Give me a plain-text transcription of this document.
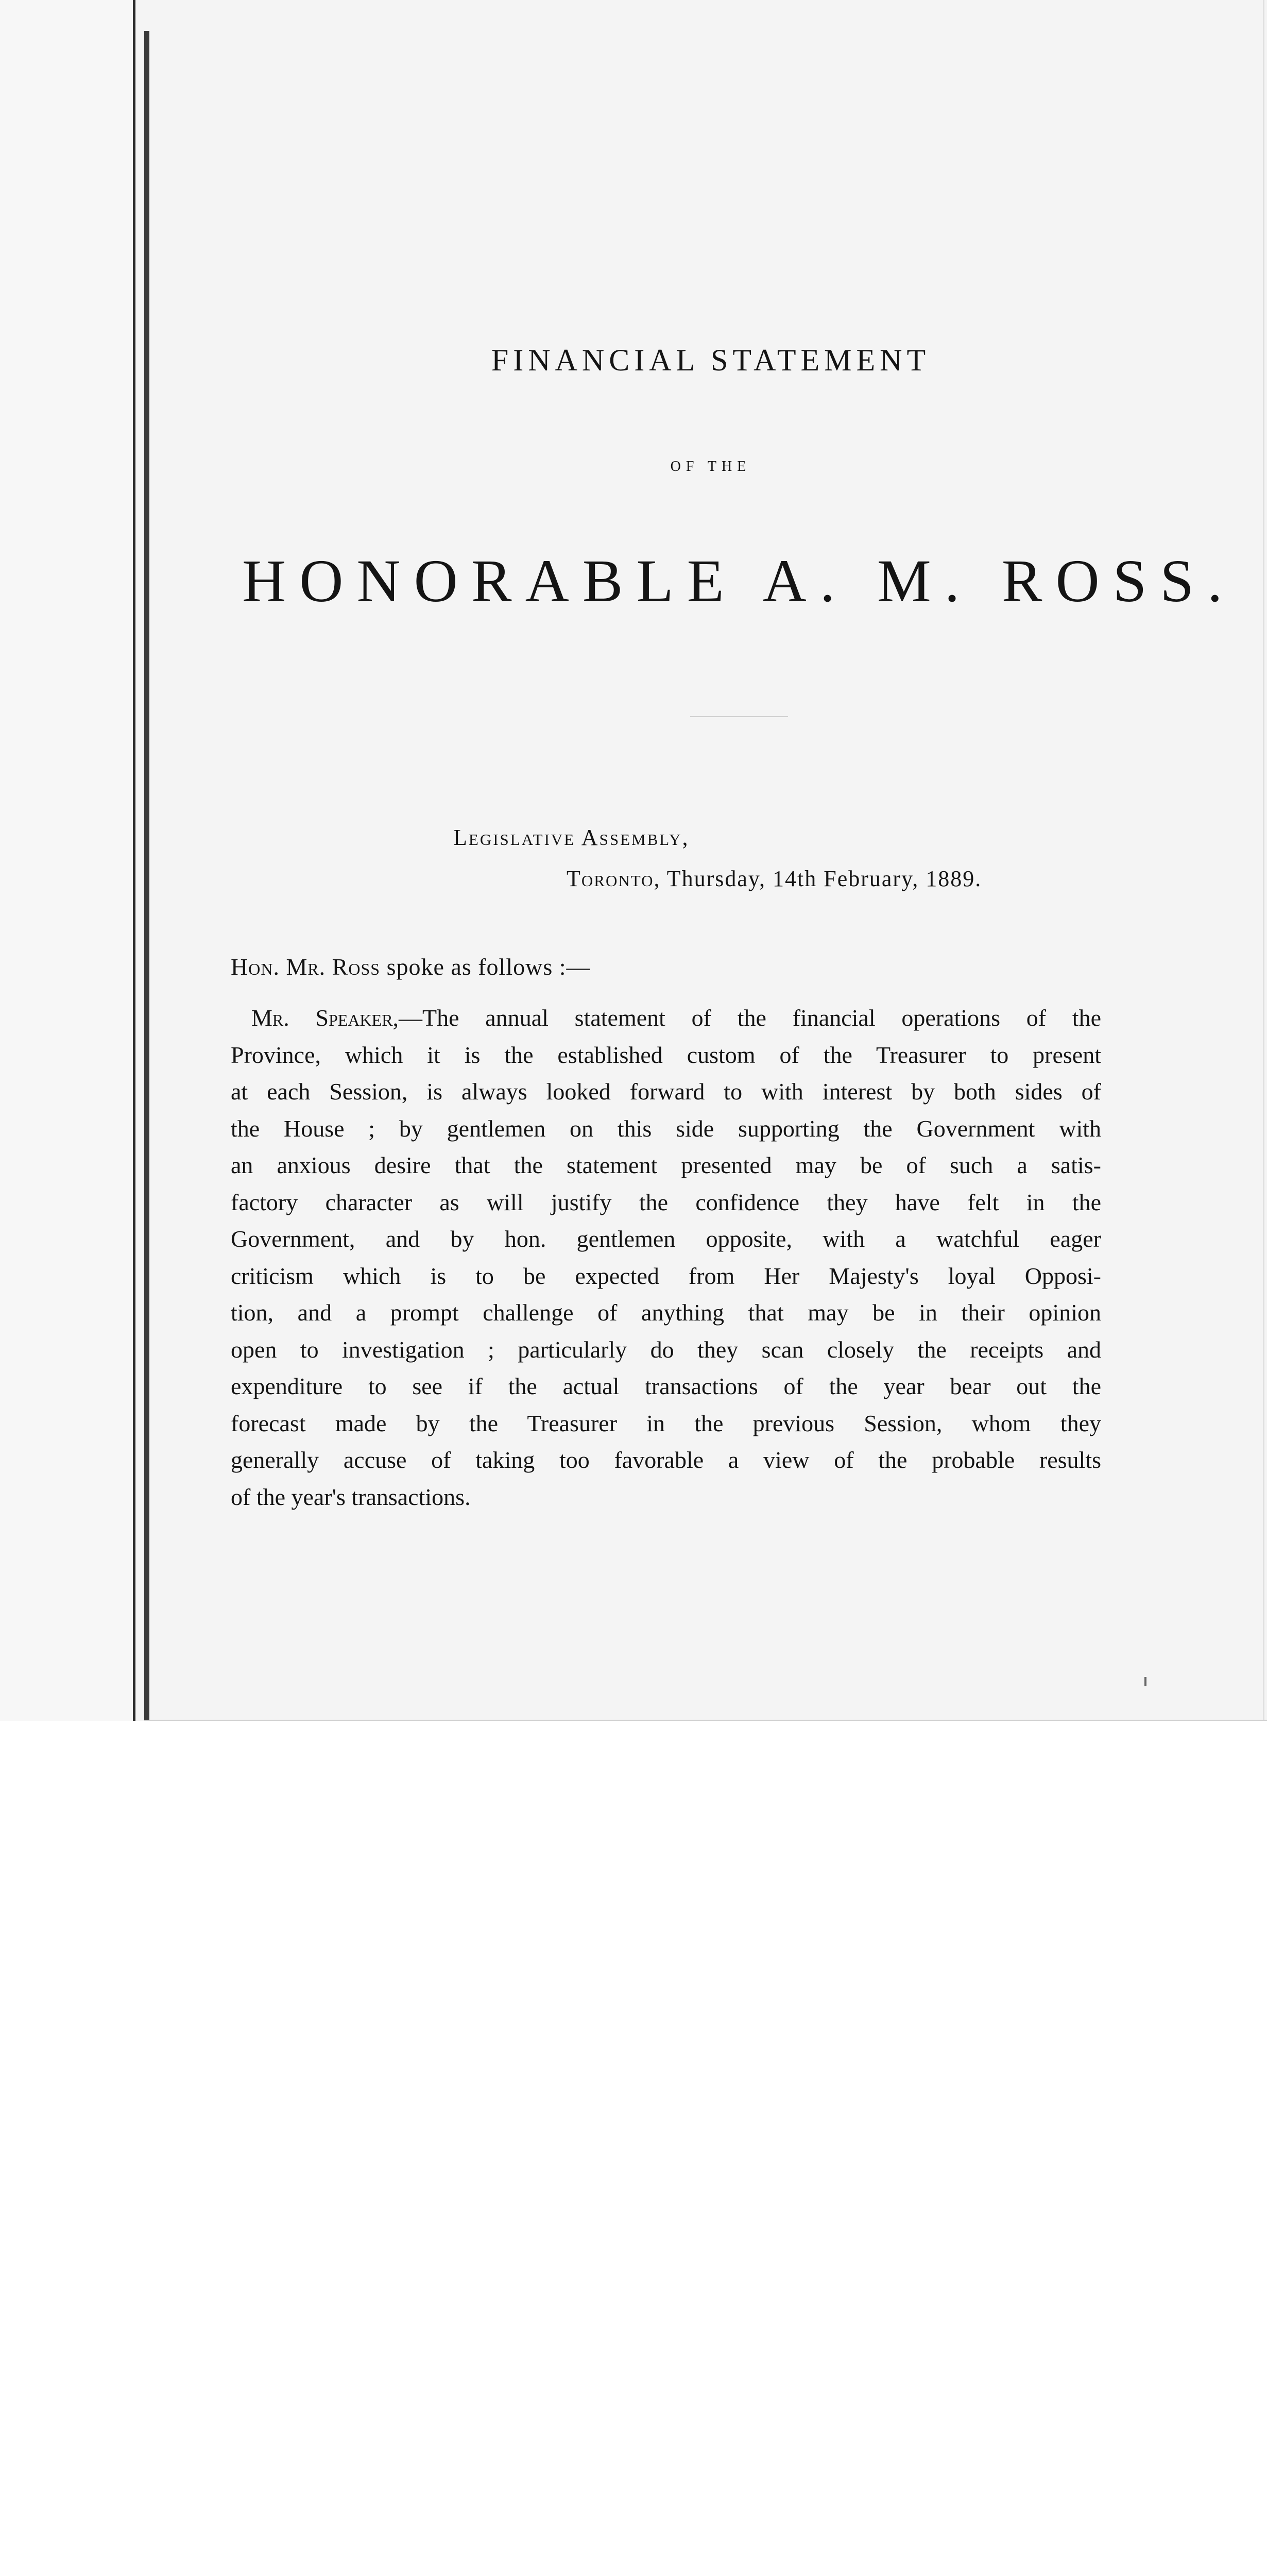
FINANCIAL STATEMENT
OF THE
HONORABLE A. M. ROSS.
Legislative Assembly,
Toronto, Thursday, 14th February, 1889.
Hon. Mr. Ross spoke as follows :—
Mr. Speaker,—The annual statement of the financial operations of the
Province, which it is the established custom of the Treasurer to present
at each Session, is always looked forward to with interest by both sides of
the House ; by gentlemen on this side supporting the Government with
an anxious desire that the statement presented may be of such a satis-
factory character as will justify the confidence they have felt in the
Government, and by hon. gentlemen opposite, with a watchful eager
criticism which is to be expected from Her Majesty's loyal Opposi-
tion, and a prompt challenge of anything that may be in their opinion
open to investigation ; particularly do they scan closely the receipts and
expenditure to see if the actual transactions of the year bear out the
forecast made by the Treasurer in the previous Session, whom they
generally accuse of taking too favorable a view of the probable results
of the year's transactions.
